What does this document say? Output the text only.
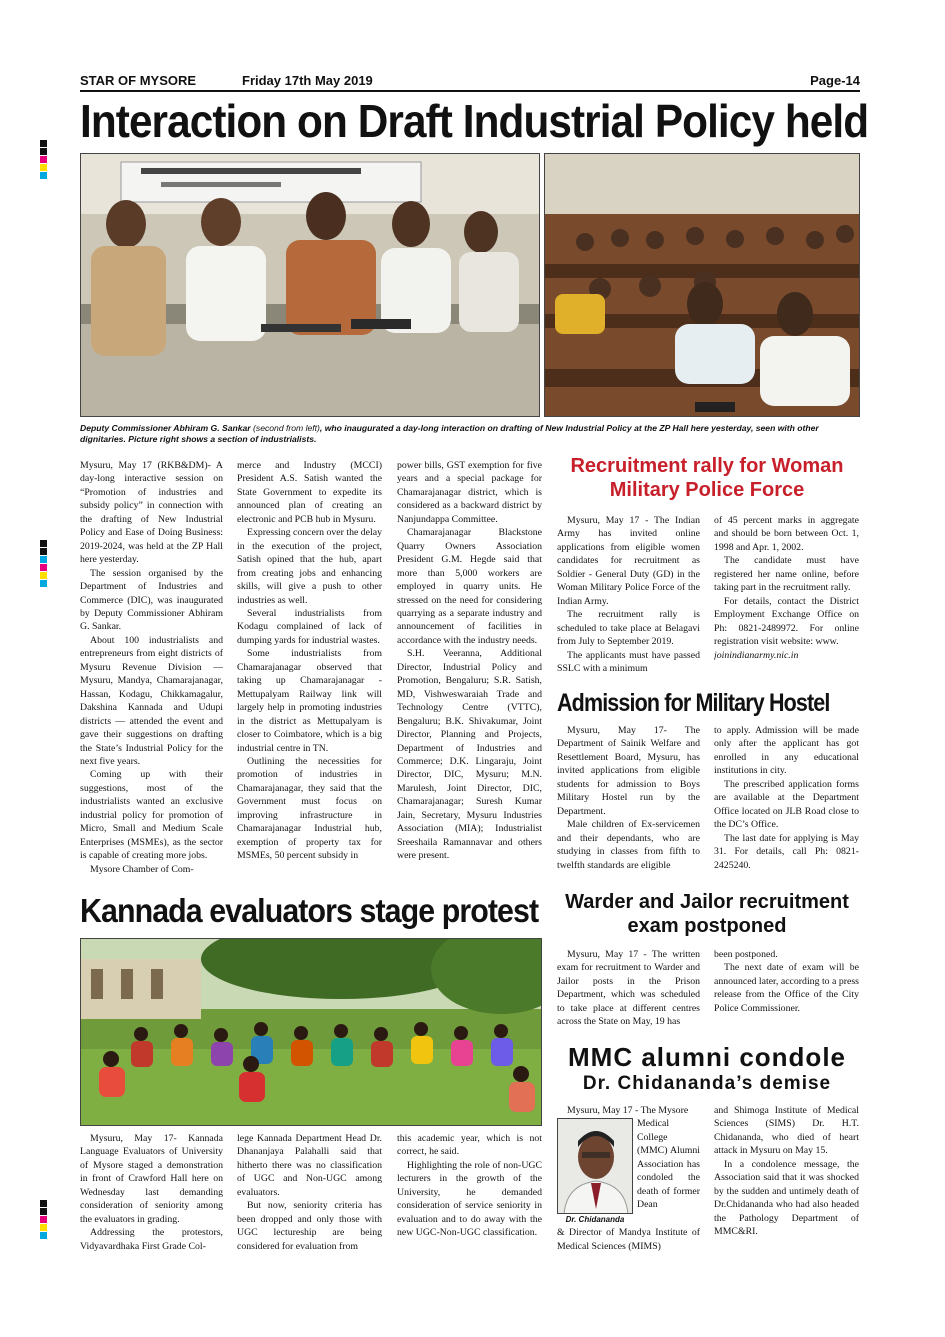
STAR OF MYSORE	Friday 17th May 2019	Page-14
Interaction on Draft Industrial Policy held
Deputy Commissioner Abhiram G. Sankar (second from left), who inaugurated a day-long interaction on drafting of New Industrial Policy at the ZP Hall here yesterday, seen with other dignitaries. Picture right shows a section of industrialists.

Mysuru, May 17 (RKB&DM)- A day-long interactive session on “Promotion of industries and subsidy policy” in connection with the drafting of New Industrial Policy and Ease of Doing Business: 2019-2024, was held at the ZP Hall here yesterday.

The session organised by the Department of Industries and Commerce (DIC), was inaugurated by Deputy Commissioner Abhiram G. Sankar.

About 100 industrialists and entrepreneurs from eight districts of Mysuru Revenue Division — Mysuru, Mandya, Chamarajanagar, Hassan, Kodagu, Chikkamagalur, Dakshina Kannada and Udupi districts — attended the event and gave their suggestions on drafting the State’s Industrial Policy for the next five years.

Coming up with their suggestions, most of the industrialists wanted an exclusive industrial policy for promotion of Micro, Small and Medium Scale Enterprises (MSMEs), as the sector is capable of creating more jobs.

Mysore Chamber of Com-

merce and Industry (MCCI) President A.S. Satish wanted the State Government to expedite its announced plan of creating an electronic and PCB hub in Mysuru.

Expressing concern over the delay in the execution of the project, Satish opined that the hub, apart from creating jobs and enhancing skills, will give a push to other industries as well.

Several industrialists from Kodagu complained of lack of dumping yards for industrial wastes.

Some industrialists from Chamarajanagar observed that taking up Chamarajanagar - Mettupalyam Railway link will largely help in promoting industries in the district as Mettupalyam is closer to Coimbatore, which is a big industrial centre in TN.

Outlining the necessities for promotion of industries in Chamarajanagar, they said that the Government must focus on improving infrastructure in Chamarajanagar Industrial hub, exemption of property tax for MSMEs, 50 percent subsidy in

power bills, GST exemption for five years and a special package for Chamarajanagar district, which is considered as a backward district by Nanjundappa Committee.

Chamarajanagar Blackstone Quarry Owners Association President G.M. Hegde said that more than 5,000 workers are employed in quarry units. He stressed on the need for considering quarrying as a separate industry and announcement of facilities in accordance with the industry needs.

S.H. Veeranna, Additional Director, Industrial Policy and Promotion, Bengaluru; S.R. Satish, MD, Vishweswaraiah Trade and Technology Centre (VTTC), Bengaluru; B.K. Shivakumar, Joint Director, Planning and Projects, Department of Industries and Commerce; D.K. Lingaraju, Joint Director, DIC, Mysuru; M.N. Marulesh, Joint Director, DIC, Chamarajanagar; Suresh Kumar Jain, Secretary, Mysuru Industries Association (MIA); Industrialist Sreeshaila Ramannavar and others were present.

Recruitment rally for Woman
Military Police Force

Mysuru, May 17 - The Indian Army has invited online applications from eligible women candidates for recruitment as Soldier - General Duty (GD) in the Woman Military Police Force of the Indian Army.

The recruitment rally is scheduled to take place at Belagavi from July to September 2019.

The applicants must have passed SSLC with a minimum

of 45 percent marks in aggregate and should be born between Oct. 1, 1998 and Apr. 1, 2002.

The candidate must have registered her name online, before taking part in the recruitment rally.

For details, contact the District Employment Exchange Office on Ph: 0821-2489972. For online registration visit website: www.

joinindianarmy.nic.in

Admission for Military Hostel

Mysuru, May 17- The Department of Sainik Welfare and Resettlement Board, Mysuru, has invited applications from eligible students for admission to Boys Military Hostel run by the Department.

Male children of Ex-servicemen and their dependants, who are studying in classes from fifth to twelfth standards are eligible

to apply. Admission will be made only after the applicant has got enrolled in any educational institutions in city.

The prescribed application forms are available at the Department Office located on JLB Road close to the DC’s Office.

The last date for applying is May 31. For details, call Ph: 0821-2425240.

Warder and Jailor recruitment
exam postponed

Mysuru, May 17 - The written exam for recruitment to Warder and Jailor posts in the Prison Department, which was scheduled to take place at different centres across the State on May, 19 has

been postponed.

The next date of exam will be announced later, according to a press release from the Office of the City Police Commissioner.

MMC alumni condole
Dr. Chidananda’s demise

Mysuru, May 17 - The Mysore

Dr. Chidananda

Medical College (MMC) Alumni Association has condoled the death of former Dean

& Director of Mandya Institute of Medical Sciences (MIMS)

and Shimoga Institute of Medical Sciences (SIMS) Dr. H.T. Chidananda, who died of heart attack in Mysuru on May 15.

In a condolence message, the Association said that it was shocked by the sudden and untimely death of Dr.Chidananda who had also headed the Pathology Department of MMC&RI.

Kannada evaluators stage protest

Mysuru, May 17- Kannada Language Evaluators of University of Mysore staged a demonstration in front of Crawford Hall here on Wednesday last demanding consideration of seniority among the evaluators in grading.

Addressing the protestors, Vidyavardhaka First Grade Col-

lege Kannada Department Head Dr. Dhananjaya Palahalli said that hitherto there was no classification of UGC and Non-UGC among evaluators.

But now, seniority criteria has been dropped and only those with UGC lectureship are being considered for evaluation from

this academic year, which is not correct, he said.

Highlighting the role of non-UGC lecturers in the growth of the University, he demanded consideration of service seniority in evaluation and to do away with the new UGC-Non-UGC classification.
